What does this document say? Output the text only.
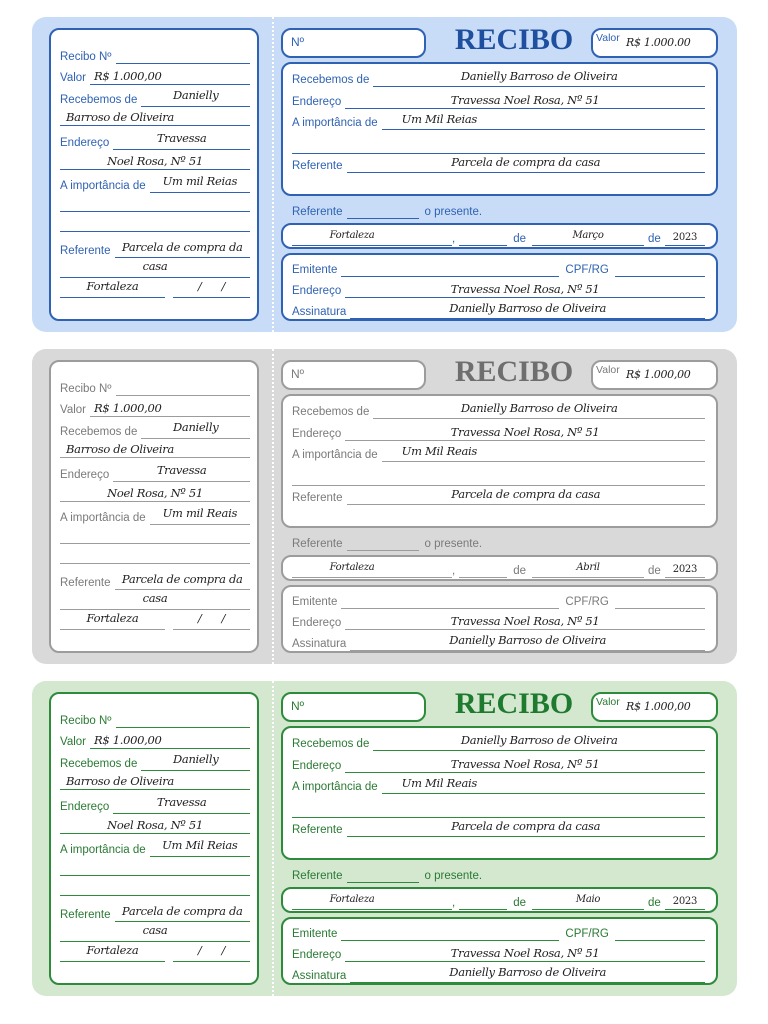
Recibo Nº
Valor R$ 1.000,00
Recebemos de	Danielly
Barroso de Oliveira
Endereço	Travessa
Noel Rosa, Nº 51
A importância de	Um mil Reias
Referente Parcela de compra da
casa
Fortaleza	/      /
Nº	RECIBO	Valor R$ 1.000.00
Recebemos de	Danielly Barroso de Oliveira
Endereço	Travessa Noel Rosa, Nº 51
A importância de	Um Mil Reias
Referente	Parcela de compra da casa
Referente	o presente.
Fortaleza	,	de	Março	de	2023
Emitente	CPF/RG
Endereço	Travessa Noel Rosa, Nº 51
Assinatura	Danielly Barroso de Oliveira
Recibo Nº
Valor R$ 1.000,00
Recebemos de	Danielly
Barroso de Oliveira
Endereço	Travessa
Noel Rosa, Nº 51
A importância de	Um mil Reais
Referente Parcela de compra da
casa
Fortaleza	/      /
Nº	RECIBO	Valor R$ 1.000,00
Recebemos de	Danielly Barroso de Oliveira
Endereço	Travessa Noel Rosa, Nº 51
A importância de	Um Mil Reais
Referente	Parcela de compra da casa
Referente	o presente.
Fortaleza	,	de	Abril	de	2023
Emitente	CPF/RG
Endereço	Travessa Noel Rosa, Nº 51
Assinatura	Danielly Barroso de Oliveira
Recibo Nº
Valor R$ 1.000,00
Recebemos de	Danielly
Barroso de Oliveira
Endereço	Travessa
Noel Rosa, Nº 51
A importância de	Um Mil Reias
Referente Parcela de compra da
casa
Fortaleza	/      /
Nº	RECIBO	Valor R$ 1.000,00
Recebemos de	Danielly Barroso de Oliveira
Endereço	Travessa Noel Rosa, Nº 51
A importância de	Um Mil Reais
Referente	Parcela de compra da casa
Referente	o presente.
Fortaleza	,	de	Maio	de	2023
Emitente	CPF/RG
Endereço	Travessa Noel Rosa, Nº 51
Assinatura	Danielly Barroso de Oliveira
